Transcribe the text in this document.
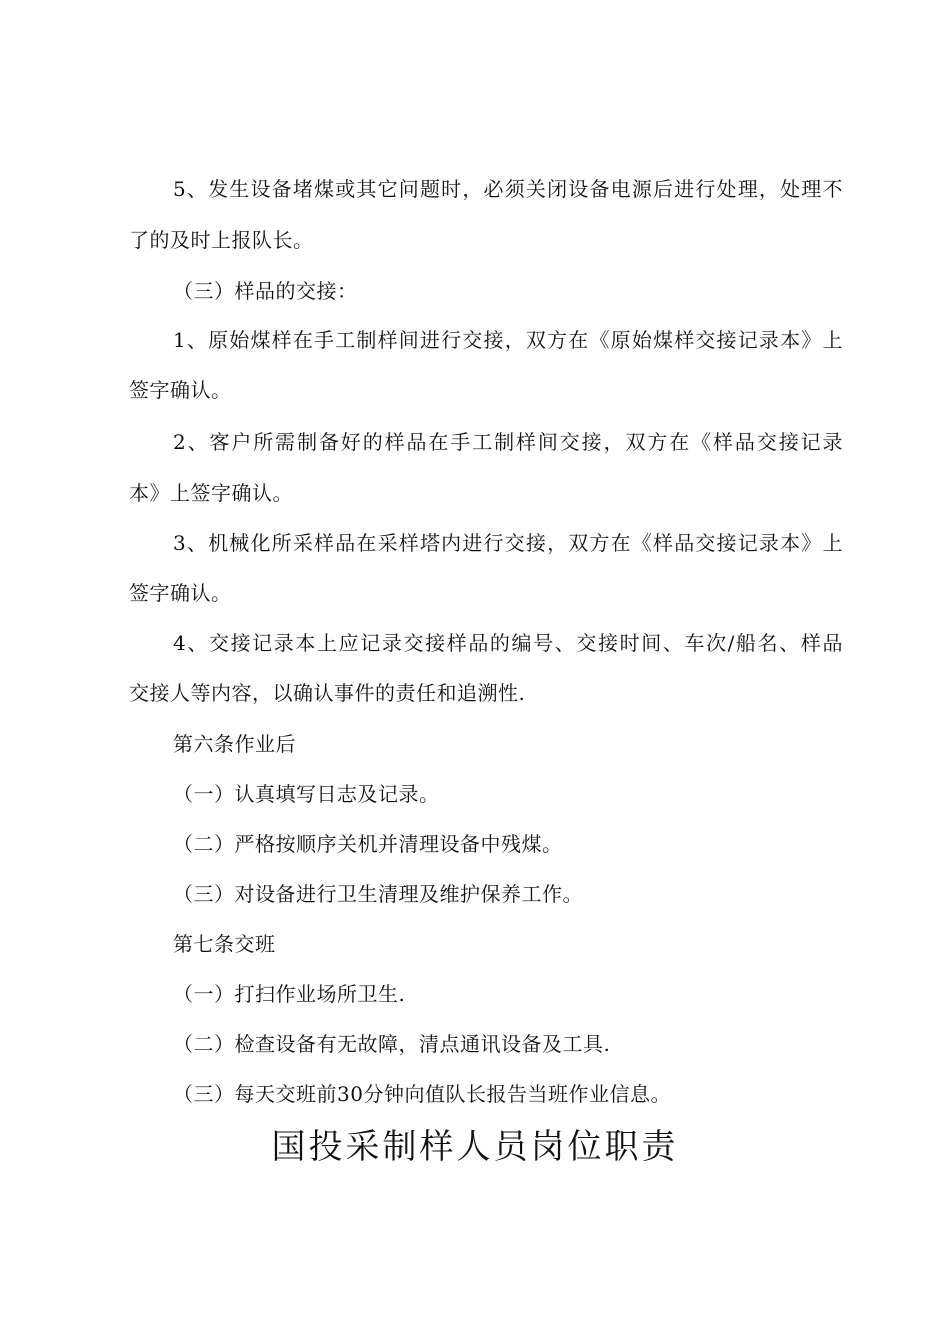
5、发生设备堵煤或其它问题时，必须关闭设备电源后进行处理，处理不
了的及时上报队长。
（三）样品的交接：
1、原始煤样在手工制样间进行交接，双方在《原始煤样交接记录本》上
签字确认。
2、客户所需制备好的样品在手工制样间交接，双方在《样品交接记录
本》上签字确认。
3、机械化所采样品在采样塔内进行交接，双方在《样品交接记录本》上
签字确认。
4、交接记录本上应记录交接样品的编号、交接时间、车次/船名、样品
交接人等内容，以确认事件的责任和追溯性.
第六条作业后
（一）认真填写日志及记录。
（二）严格按顺序关机并清理设备中残煤。
（三）对设备进行卫生清理及维护保养工作。
第七条交班
（一）打扫作业场所卫生.
（二）检查设备有无故障，清点通讯设备及工具.
（三）每天交班前30分钟向值队长报告当班作业信息。
国投采制样人员岗位职责
